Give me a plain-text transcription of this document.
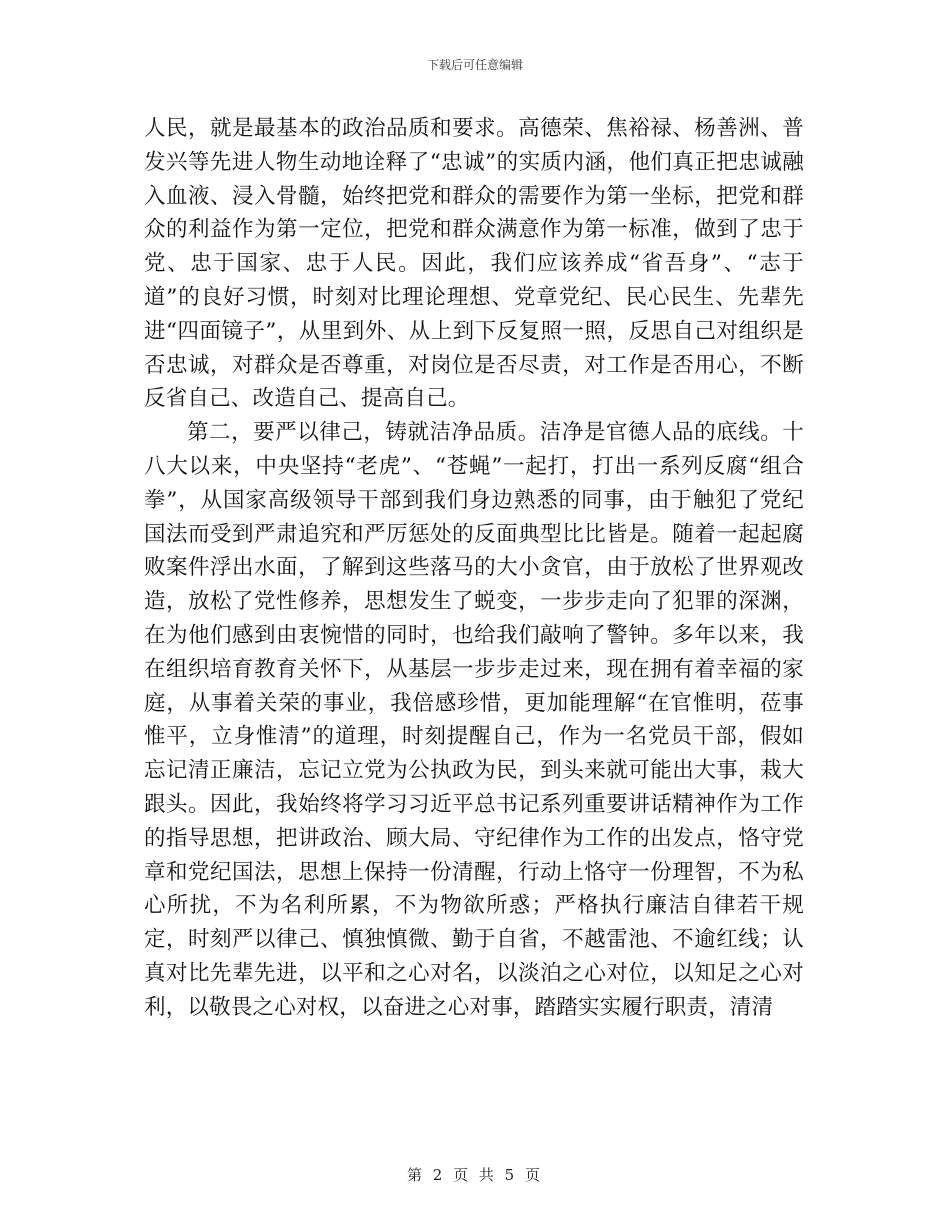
下载后可任意编辑

人民，就是最基本的政治品质和要求。高德荣、焦裕禄、杨善洲、普发兴等先进人物生动地诠释了“忠诚”的实质内涵，他们真正把忠诚融入血液、浸入骨髓，始终把党和群众的需要作为第一坐标，把党和群众的利益作为第一定位，把党和群众满意作为第一标准，做到了忠于党、忠于国家、忠于人民。因此，我们应该养成“省吾身”、“志于道”的良好习惯，时刻对比理论理想、党章党纪、民心民生、先辈先进“四面镜子”，从里到外、从上到下反复照一照，反思自己对组织是否忠诚，对群众是否尊重，对岗位是否尽责，对工作是否用心，不断反省自己、改造自己、提高自己。

第二，要严以律己，铸就洁净品质。洁净是官德人品的底线。十八大以来，中央坚持“老虎”、“苍蝇”一起打，打出一系列反腐“组合拳”，从国家高级领导干部到我们身边熟悉的同事，由于触犯了党纪国法而受到严肃追究和严厉惩处的反面典型比比皆是。随着一起起腐败案件浮出水面，了解到这些落马的大小贪官，由于放松了世界观改造，放松了党性修养，思想发生了蜕变，一步步走向了犯罪的深渊，在为他们感到由衷惋惜的同时，也给我们敲响了警钟。多年以来，我在组织培育教育关怀下，从基层一步步走过来，现在拥有着幸福的家庭，从事着关荣的事业，我倍感珍惜，更加能理解“在官惟明，莅事惟平，立身惟清”的道理，时刻提醒自己，作为一名党员干部，假如忘记清正廉洁，忘记立党为公执政为民，到头来就可能出大事，栽大跟头。因此，我始终将学习习近平总书记系列重要讲话精神作为工作的指导思想，把讲政治、顾大局、守纪律作为工作的出发点，恪守党章和党纪国法，思想上保持一份清醒，行动上恪守一份理智，不为私心所扰，不为名利所累，不为物欲所惑；严格执行廉洁自律若干规定，时刻严以律己、慎独慎微、勤于自省，不越雷池、不逾红线；认真对比先辈先进，以平和之心对名，以淡泊之心对位，以知足之心对利，以敬畏之心对权，以奋进之心对事，踏踏实实履行职责，清清

第 2 页 共 5 页
